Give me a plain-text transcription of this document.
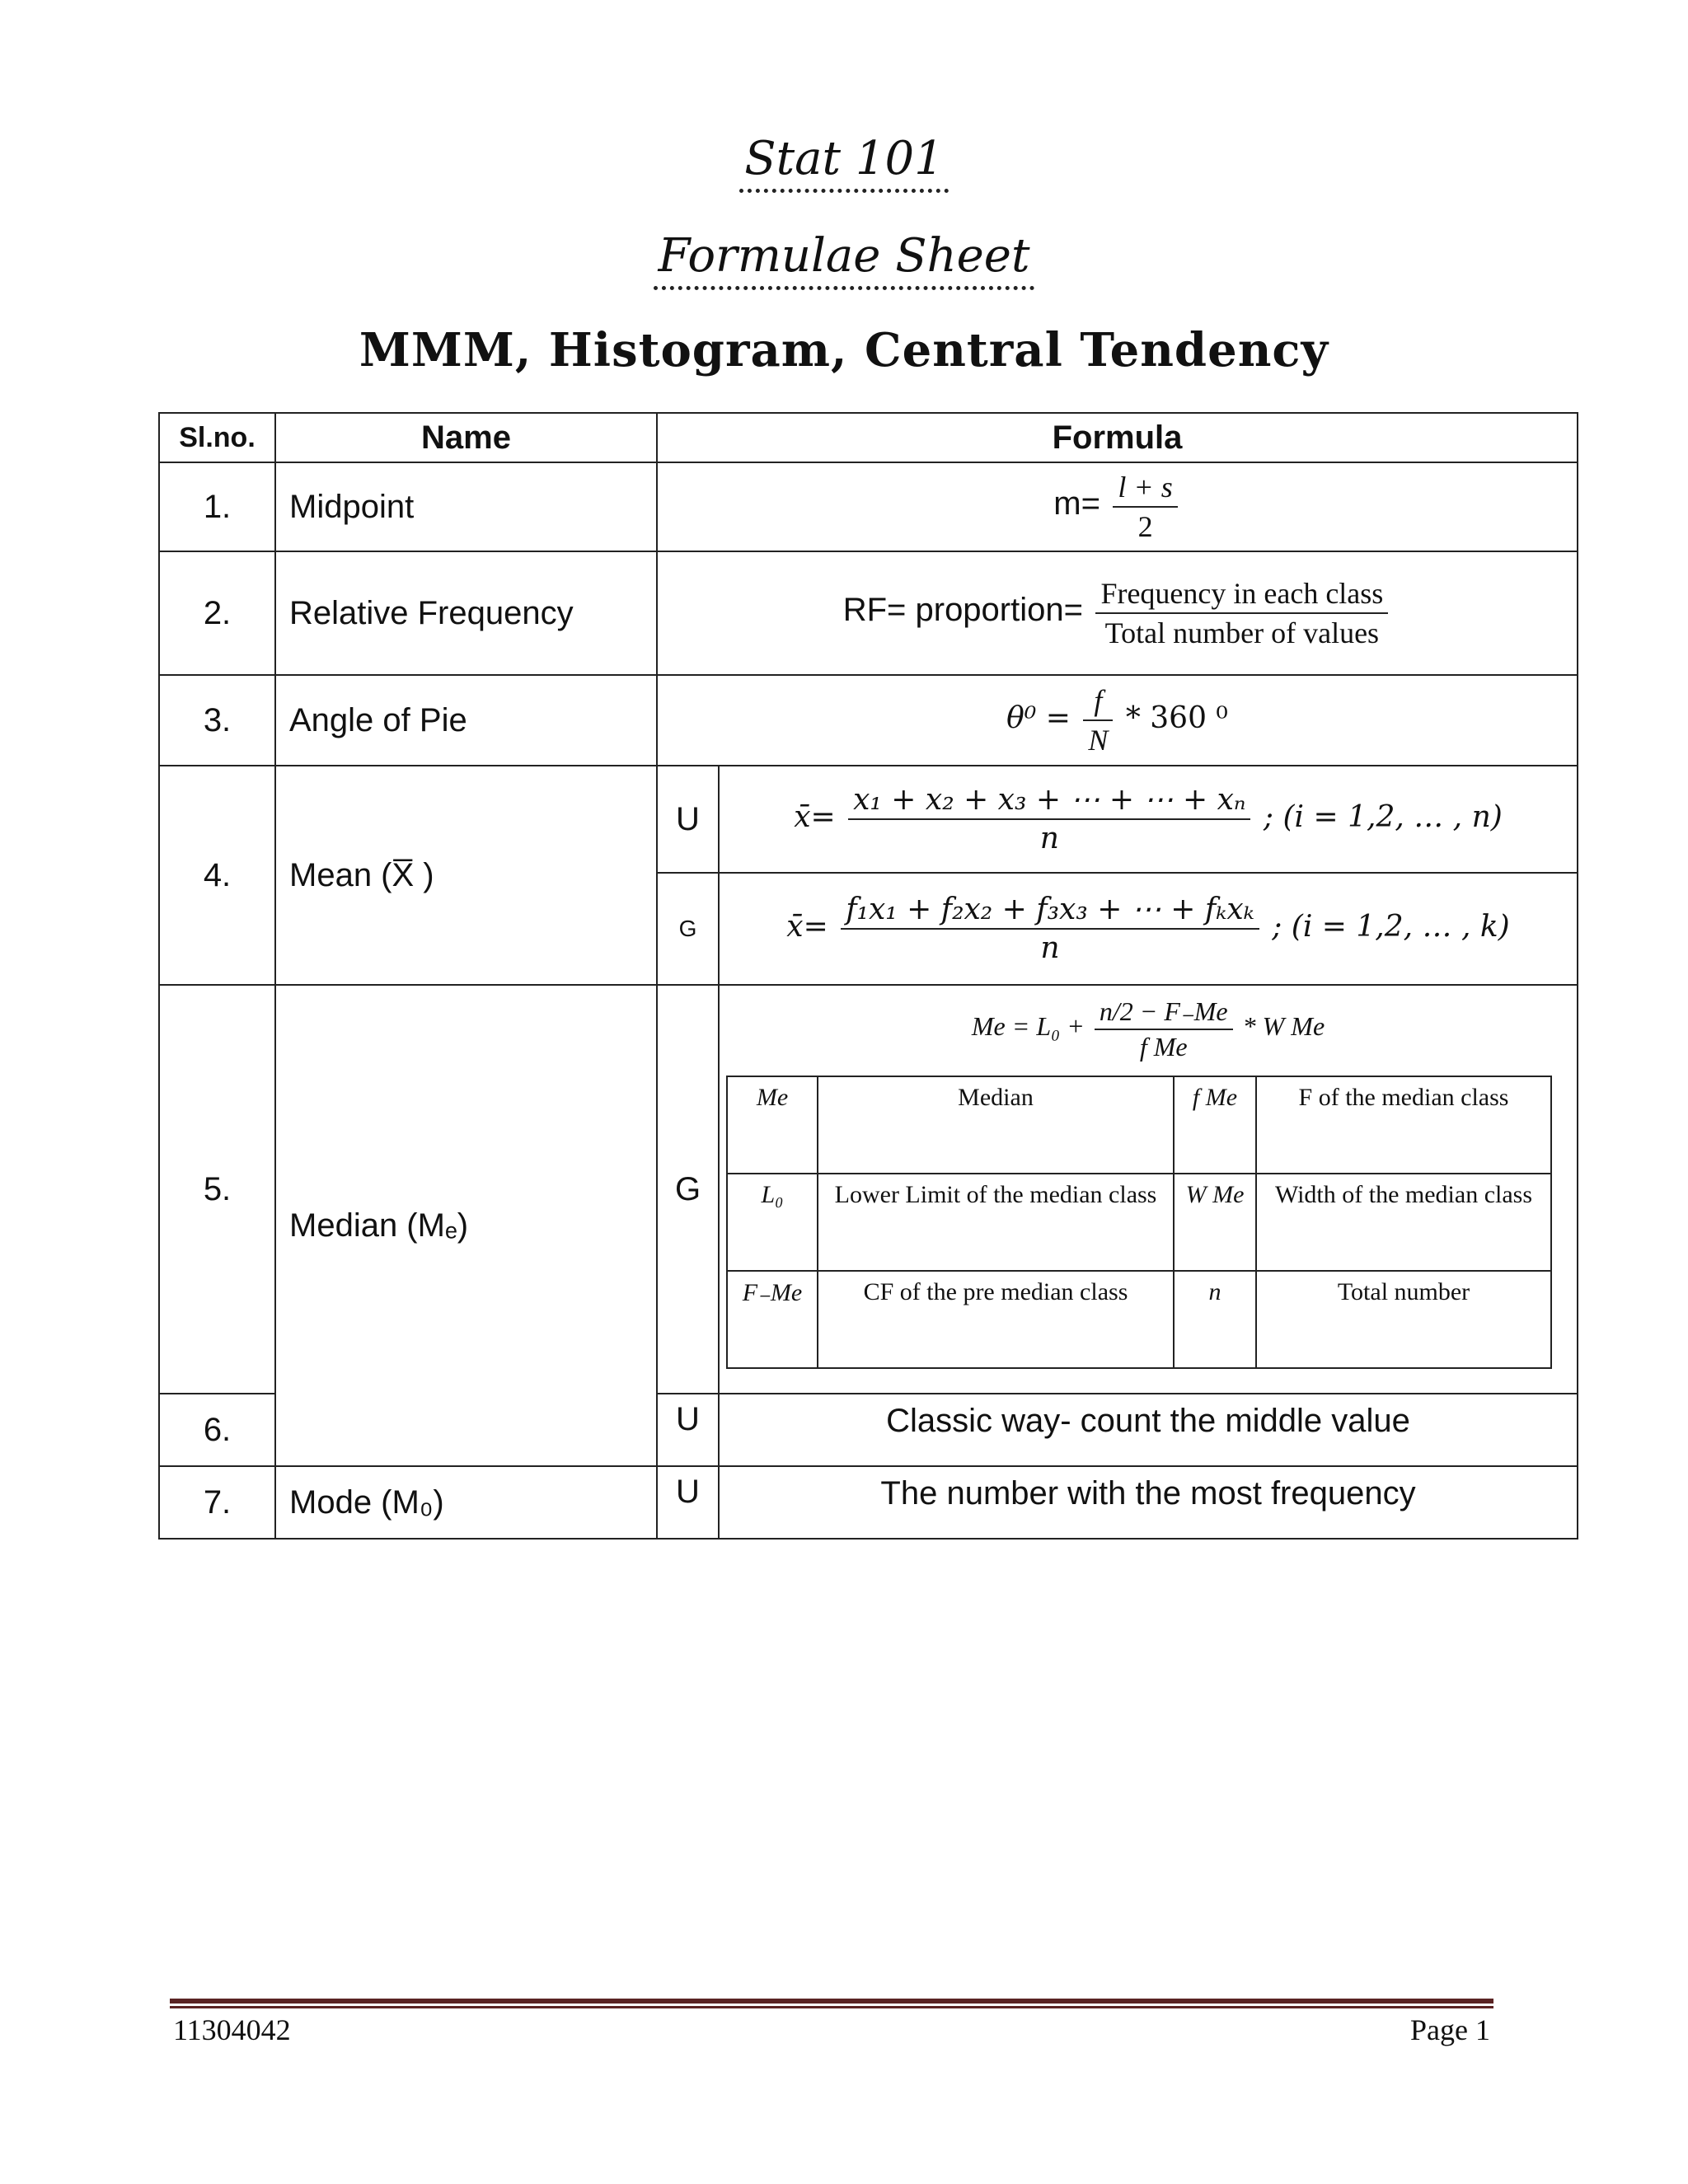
Stat 101
Formulae Sheet
MMM, Histogram, Central Tendency
Sl.no.	Name	Formula
1.	Midpoint	$m= \frac{l + s}{2}$

2.	Relative Frequency	RF= proportion= $\frac{\text{Frequency in each class}}{\text{Total number of values}}$

3.	Angle of Pie	$\theta^0 = \frac{f}{N} * 360$ ⁰
4.	Mean (X̅ )	U	x̄= $\frac{\text{x₁ + x₂ + x₃ + ⋯ + ⋯ + xₙ}}{n}$ ; (i = 1,2, … , n)
G	x̄= $\frac{\text{f₁x₁ + f₂x₂ + f₃x₃ + ⋯ + fₖxₖ}}{n}$ ; (i = 1,2, … , k)
5.	Median (Mₑ)	G	
$Me = L_0 + \frac{n/2 - F_-Me}{\text{f Me}} * W$ Me
Me	Median	f Me	F of the median class
L₀	Lower Limit of the median class	W Me	Width of the median class
F₋Me	CF of the pre median class	n	Total number

6.	U	Classic way- count the middle value
7.	Mode (M₀)	U	The number with the most frequency
11304042	Page 1
